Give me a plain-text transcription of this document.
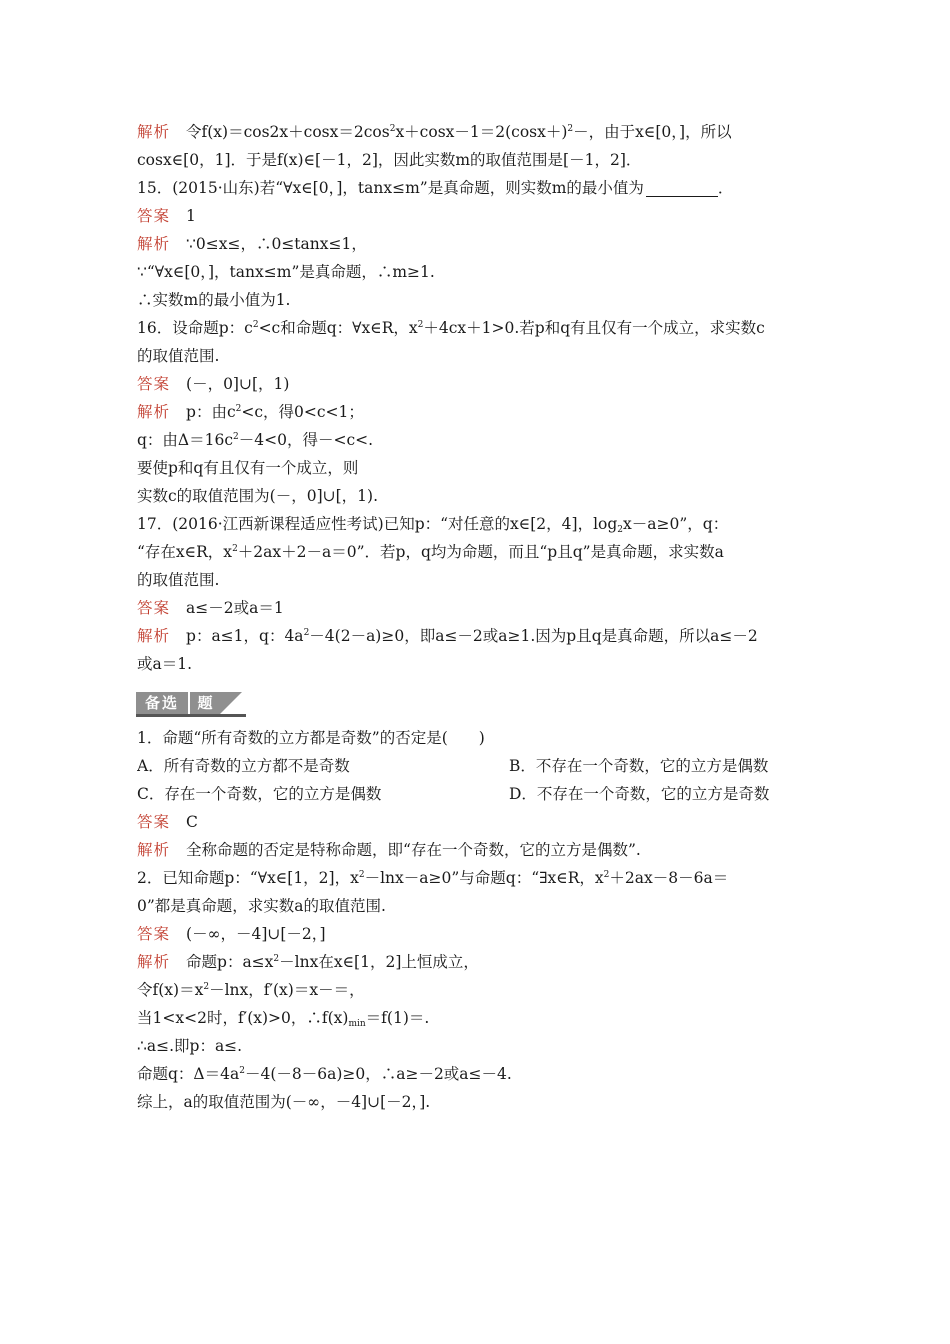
解析 令$f(x)=\cos 2x+\cos x=2\cos^2x+\cos x-1=2(\cos x+)^2-$，由于x∈[0，]，所以
cosx∈[0，1]．于是f(x)∈[－1，2]，因此实数m的取值范围是[－1，2]．
15．(2015·山东)若“∀x∈[0，]，tanx≤m”是真命题，则实数m的最小值为	．
答案 1
解析 ∵0≤x≤，∴0≤tanx≤1，
∵“∀x∈[0，]，tanx≤m”是真命题，∴m≥1.
∴实数m的最小值为1.
16．设命题p：$c^2<c$和命题q：∀x∈R，$x^2+4cx+1>0$.若p和q有且仅有一个成立，求实数c
的取值范围.
答案 (－，0]∪[，1)
解析 p：由$c^2<c$，得0<c<1；
q：由$\Delta=16c^2-4<0$，得－<c<.
要使p和q有且仅有一个成立，则
实数c的取值范围为(－，0]∪[，1).
17．(2016·江西新课程适应性考试)已知p：“对任意的x∈[2，4]，$\log_2x-a\ge 0$”，q：
“存在x∈R，$x^2+2ax+2-a=0$”．若p，q均为命题，而且“p且q”是真命题，求实数a
的取值范围.
答案 a≤－2或a＝1
解析 p：a≤1，q：$4a^2-4(2-a)\ge 0$，即a≤－2或a≥1.因为p且q是真命题，所以a≤－2
或a＝1.
备选	题
1．命题“所有奇数的立方都是奇数”的否定是(　　)
A．所有奇数的立方都不是奇数	B．不存在一个奇数，它的立方是偶数
C．存在一个奇数，它的立方是偶数	D．不存在一个奇数，它的立方是奇数
答案 C
解析 全称命题的否定是特称命题，即“存在一个奇数，它的立方是偶数”.
2．已知命题p：“∀x∈[1，2]，$x^2-\ln x-a\ge 0$”与命题q：“∃x∈R，$x^2+2ax-8-6a=$
0”都是真命题，求实数a的取值范围.
答案 (－∞，－4]∪[－2，]
解析 命题p：$a\le x^2-\ln x$在x∈[1，2]上恒成立，
令$f(x)=x^2-\ln x$，f′(x)＝x－＝，
当1<x<2时，f′(x)>0，$\therefore f(x)_{min}=f(1)=$.
∴a≤.即p：a≤.
命题q：$\Delta=4a^2-4(-8-6a)\ge 0$，∴a≥－2或a≤－4.
综上，a的取值范围为(－∞，－4]∪[－2，].
